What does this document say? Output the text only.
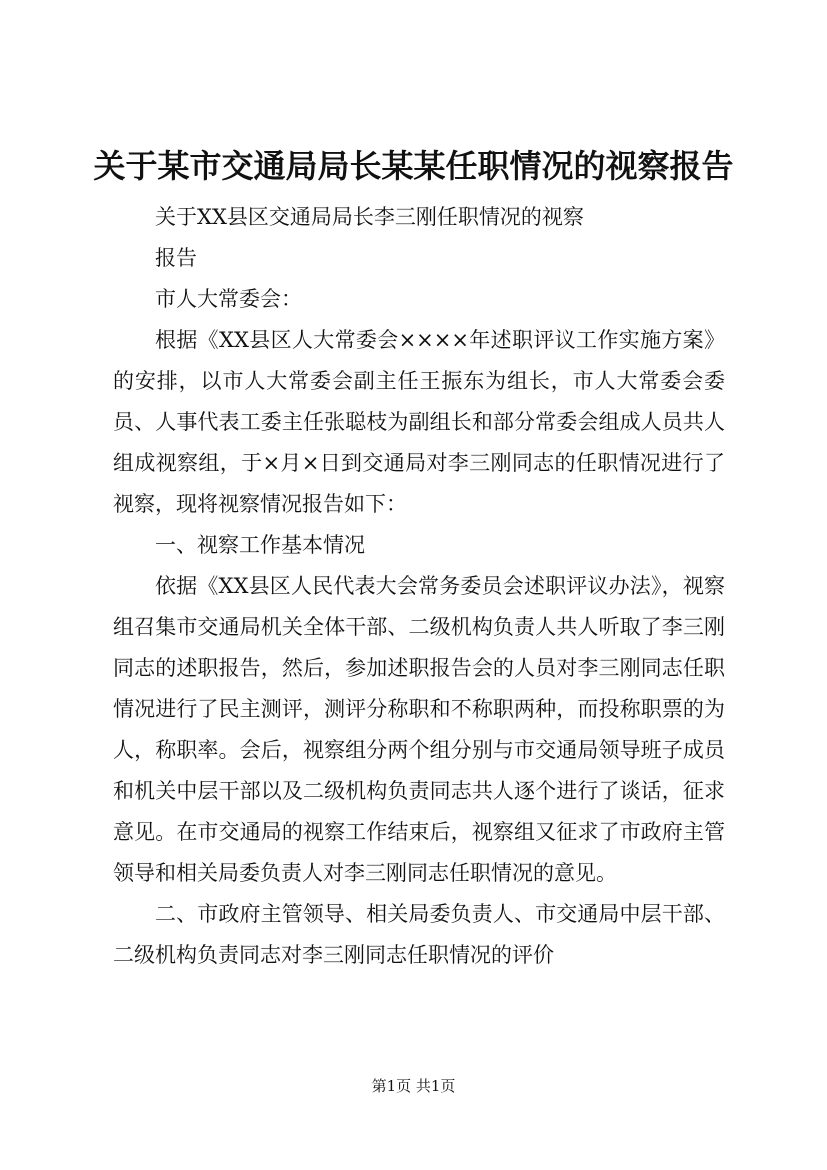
关于某市交通局局长某某任职情况的视察报告

关于XX县区交通局局长李三刚任职情况的视察

报告

市人大常委会：

根据《XX县区人大常委会××××年述职评议工作实施方案》的安排，以市人大常委会副主任王振东为组长，市人大常委会委员、人事代表工委主任张聪枝为副组长和部分常委会组成人员共人组成视察组，于×月×日到交通局对李三刚同志的任职情况进行了视察，现将视察情况报告如下：

一、视察工作基本情况

依据《XX县区人民代表大会常务委员会述职评议办法》，视察组召集市交通局机关全体干部、二级机构负责人共人听取了李三刚同志的述职报告，然后，参加述职报告会的人员对李三刚同志任职情况进行了民主测评，测评分称职和不称职两种，而投称职票的为人，称职率。会后，视察组分两个组分别与市交通局领导班子成员和机关中层干部以及二级机构负责同志共人逐个进行了谈话，征求意见。在市交通局的视察工作结束后，视察组又征求了市政府主管领导和相关局委负责人对李三刚同志任职情况的意见。

二、市政府主管领导、相关局委负责人、市交通局中层干部、二级机构负责同志对李三刚同志任职情况的评价

第1页 共1页
